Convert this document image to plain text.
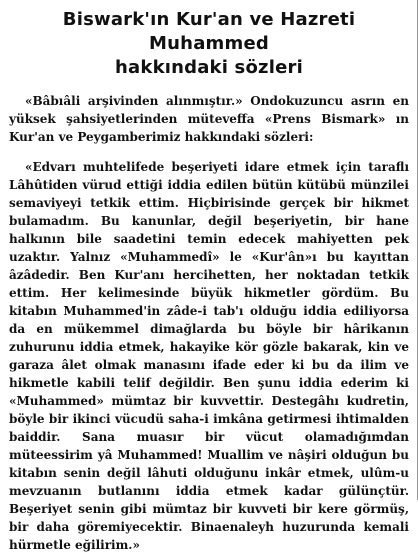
Biswark'ın Kur'an ve Hazreti Muhammed
hakkındaki sözleri

«Bâbıâli arşivinden alınmıştır.» Ondokuzuncu asrın en yüksek şahsiyetlerinden müteveffa «Prens Bismark» ın Kur'an ve Peygamberimiz hakkındaki sözleri:

«Edvarı muhtelifede beşeriyeti idare etmek için taraflı Lâhûtiden vürud ettiği iddia edilen bütün kütübü münzilei semaviyeyi tetkik ettim. Hiçbirisinde gerçek bir hikmet bulamadım. Bu kanunlar, değil beşeriyetin, bir hane halkının bile saadetini temin edecek mahiyetten pek uzaktır. Yalnız «Muhammedî» le «Kur'ân»ı bu kayıttan âzâdedir. Ben Kur'anı hercihetten, her noktadan tetkik ettim. Her kelimesinde büyük hikmetler gördüm. Bu kitabın Muhammed'in zâde-i tab'ı olduğu iddia ediliyorsa da en mükemmel dimağlarda bu böyle bir hârikanın zuhurunu iddia etmek, hakayike kör gözle bakarak, kin ve garaza âlet olmak manasını ifade eder ki bu da ilim ve hikmetle kabili telif değildir. Ben şunu iddia ederim ki «Muhammed» mümtaz bir kuvvettir. Destegâhı kudretin, böyle bir ikinci vücudü saha-i imkâna getirmesi ihtimalden baiddir. Sana muasır bir vücut olamadığımdan müteessirim yâ Muhammed! Muallim ve nâşiri olduğun bu kitabın senin değil lâhuti olduğunu inkâr etmek, ulûm-u mevzuanın butlanını iddia etmek kadar gülünçtür. Beşeriyet senin gibi mümtaz bir kuvveti bir kere görmüş, bir daha göremiyecektir. Binaenaleyh huzurunda kemali hürmetle eğilirim.»
